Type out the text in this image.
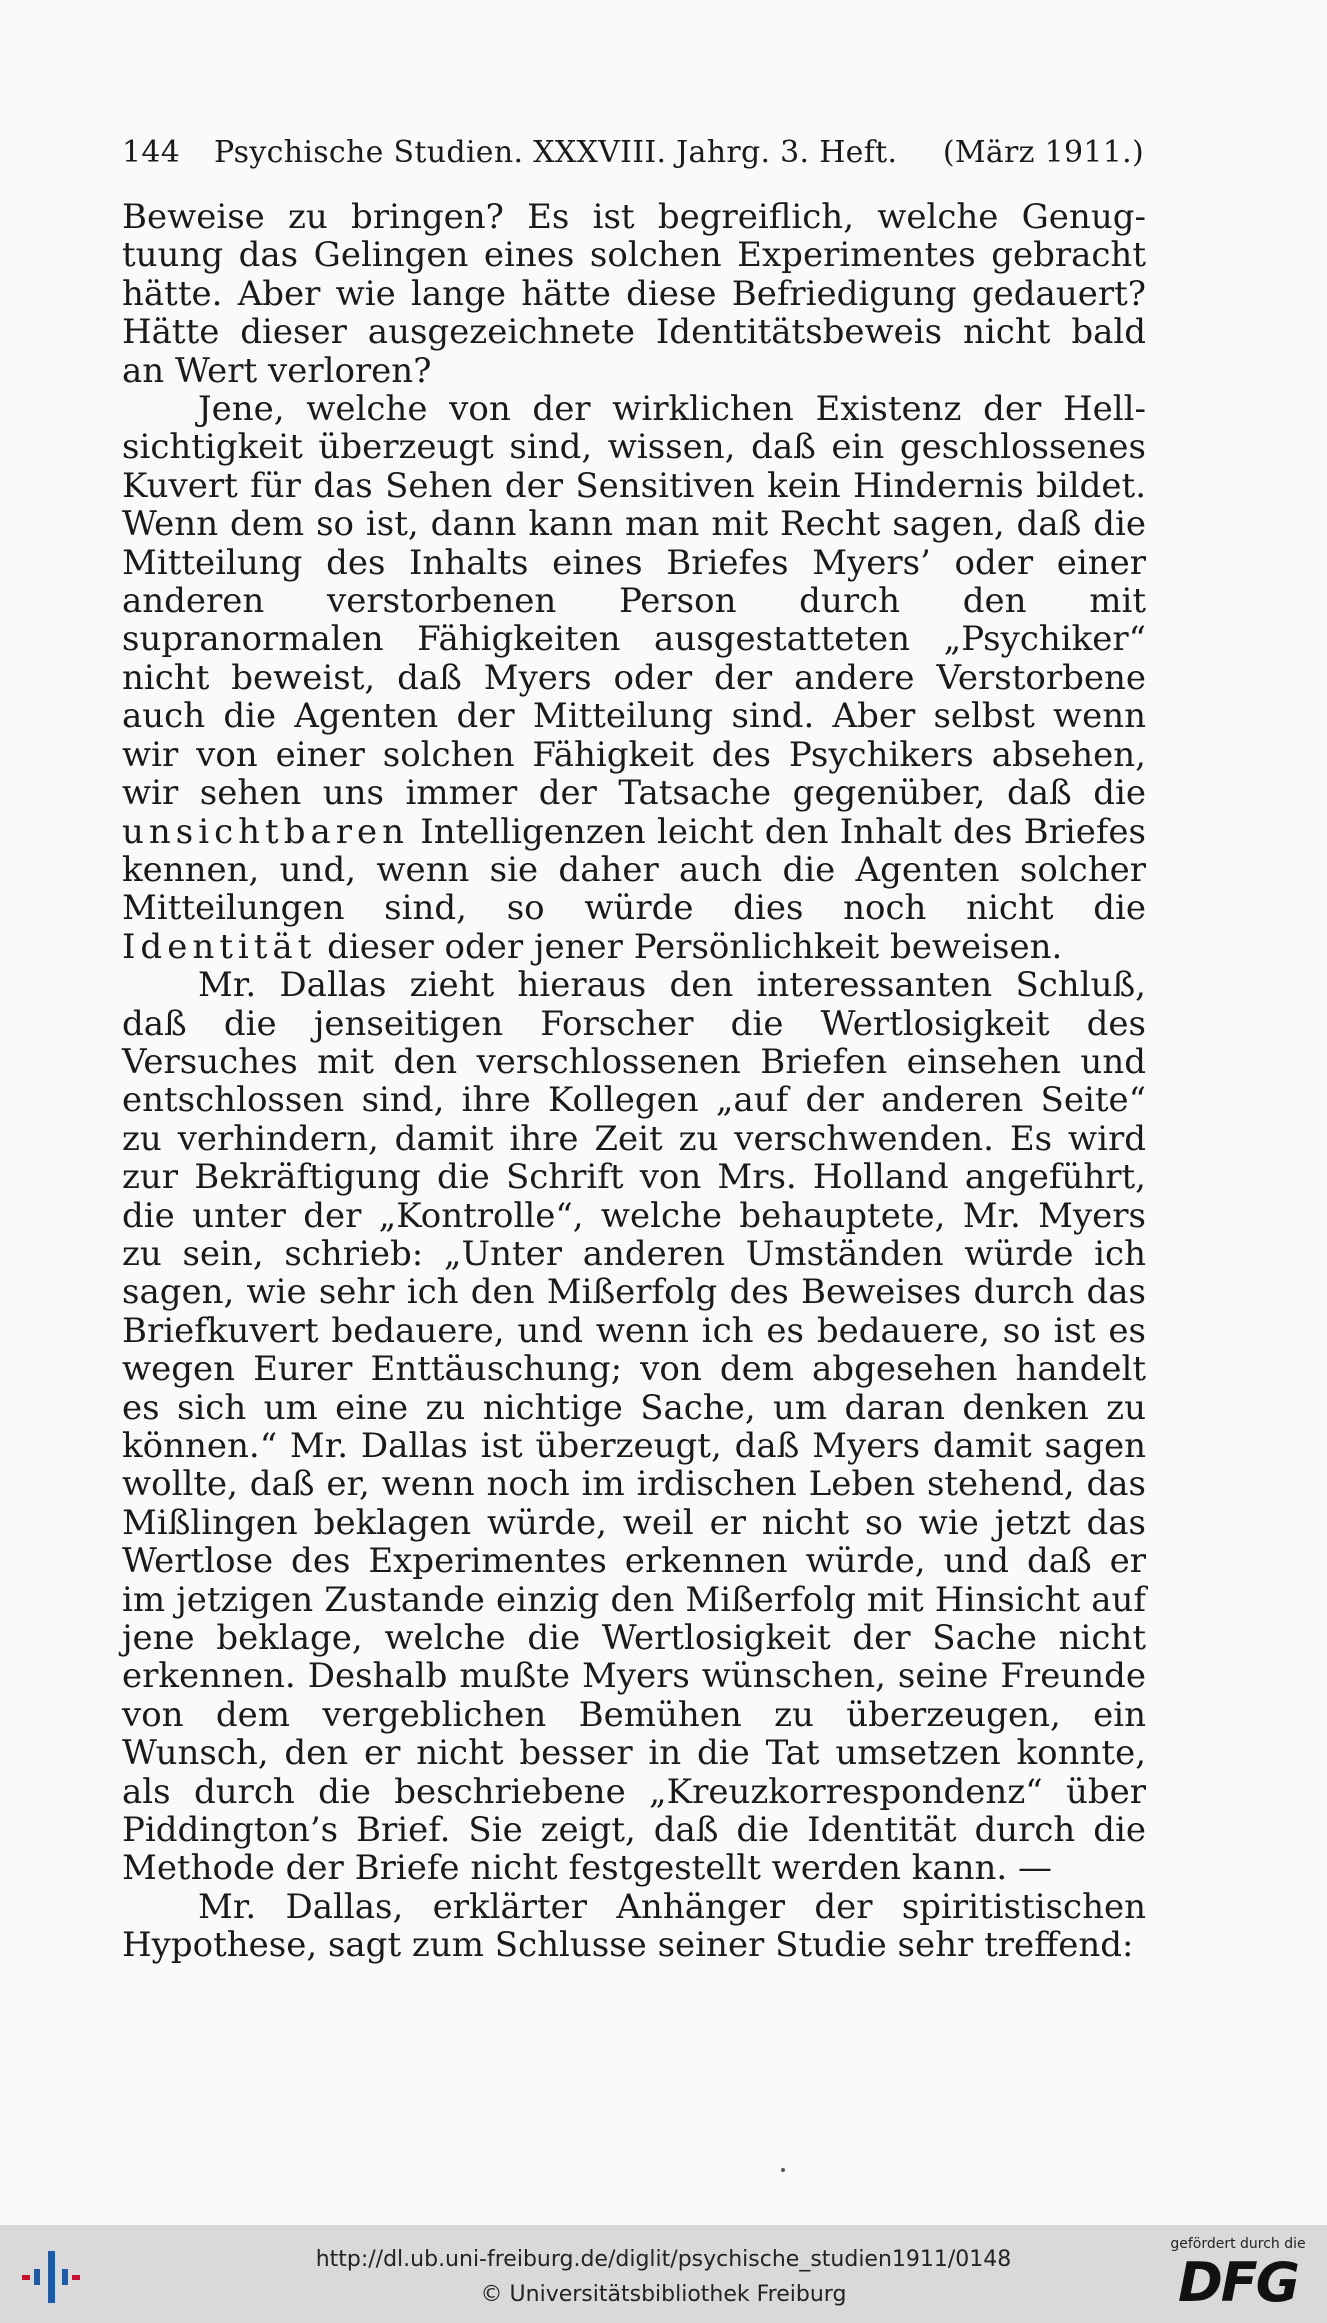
144 Psychische Studien. XXXVIII. Jahrg. 3. Heft. (März 1911.)

Beweise zu bringen? Es ist begreiflich, welche Genugtuung das Gelingen eines solchen Experimentes gebracht hätte. Aber wie lange hätte diese Befriedigung gedauert? Hätte dieser ausgezeichnete Identitätsbeweis nicht bald an Wert verloren?

Jene, welche von der wirklichen Existenz der Hellsichtigkeit überzeugt sind, wissen, daß ein geschlossenes Kuvert für das Sehen der Sensitiven kein Hindernis bildet. Wenn dem so ist, dann kann man mit Recht sagen, daß die Mitteilung des Inhalts eines Briefes Myers’ oder einer anderen verstorbenen Person durch den mit supranormalen Fähigkeiten ausgestatteten „Psychiker“ nicht beweist, daß Myers oder der andere Verstorbene auch die Agenten der Mitteilung sind. Aber selbst wenn wir von einer solchen Fähigkeit des Psychikers absehen, wir sehen uns immer der Tatsache gegenüber, daß die unsichtbaren Intelligenzen leicht den Inhalt des Briefes kennen, und, wenn sie daher auch die Agenten solcher Mitteilungen sind, so würde dies noch nicht die Identität dieser oder jener Persönlichkeit beweisen.

Mr. Dallas zieht hieraus den interessanten Schluß, daß die jenseitigen Forscher die Wertlosigkeit des Versuches mit den verschlossenen Briefen einsehen und entschlossen sind, ihre Kollegen „auf der anderen Seite“ zu verhindern, damit ihre Zeit zu verschwenden. Es wird zur Bekräftigung die Schrift von Mrs. Holland angeführt, die unter der „Kontrolle“, welche behauptete, Mr. Myers zu sein, schrieb: „Unter anderen Umständen würde ich sagen, wie sehr ich den Mißerfolg des Beweises durch das Briefkuvert bedauere, und wenn ich es bedauere, so ist es wegen Eurer Enttäuschung; von dem abgesehen handelt es sich um eine zu nichtige Sache, um daran denken zu können.“ Mr. Dallas ist überzeugt, daß Myers damit sagen wollte, daß er, wenn noch im irdischen Leben stehend, das Mißlingen beklagen würde, weil er nicht so wie jetzt das Wertlose des Experimentes erkennen würde, und daß er im jetzigen Zustande einzig den Mißerfolg mit Hinsicht auf jene beklage, welche die Wertlosigkeit der Sache nicht erkennen. Deshalb mußte Myers wünschen, seine Freunde von dem vergeblichen Bemühen zu überzeugen, ein Wunsch, den er nicht besser in die Tat umsetzen konnte, als durch die beschriebene „Kreuzkorrespondenz“ über Piddington’s Brief. Sie zeigt, daß die Identität durch die Methode der Briefe nicht festgestellt werden kann. —

Mr. Dallas, erklärter Anhänger der spiritistischen Hypothese, sagt zum Schlusse seiner Studie sehr treffend:

http://dl.ub.uni-freiburg.de/diglit/psychische_studien1911/0148
© Universitätsbibliothek Freiburg
gefördert durch die
DFG
